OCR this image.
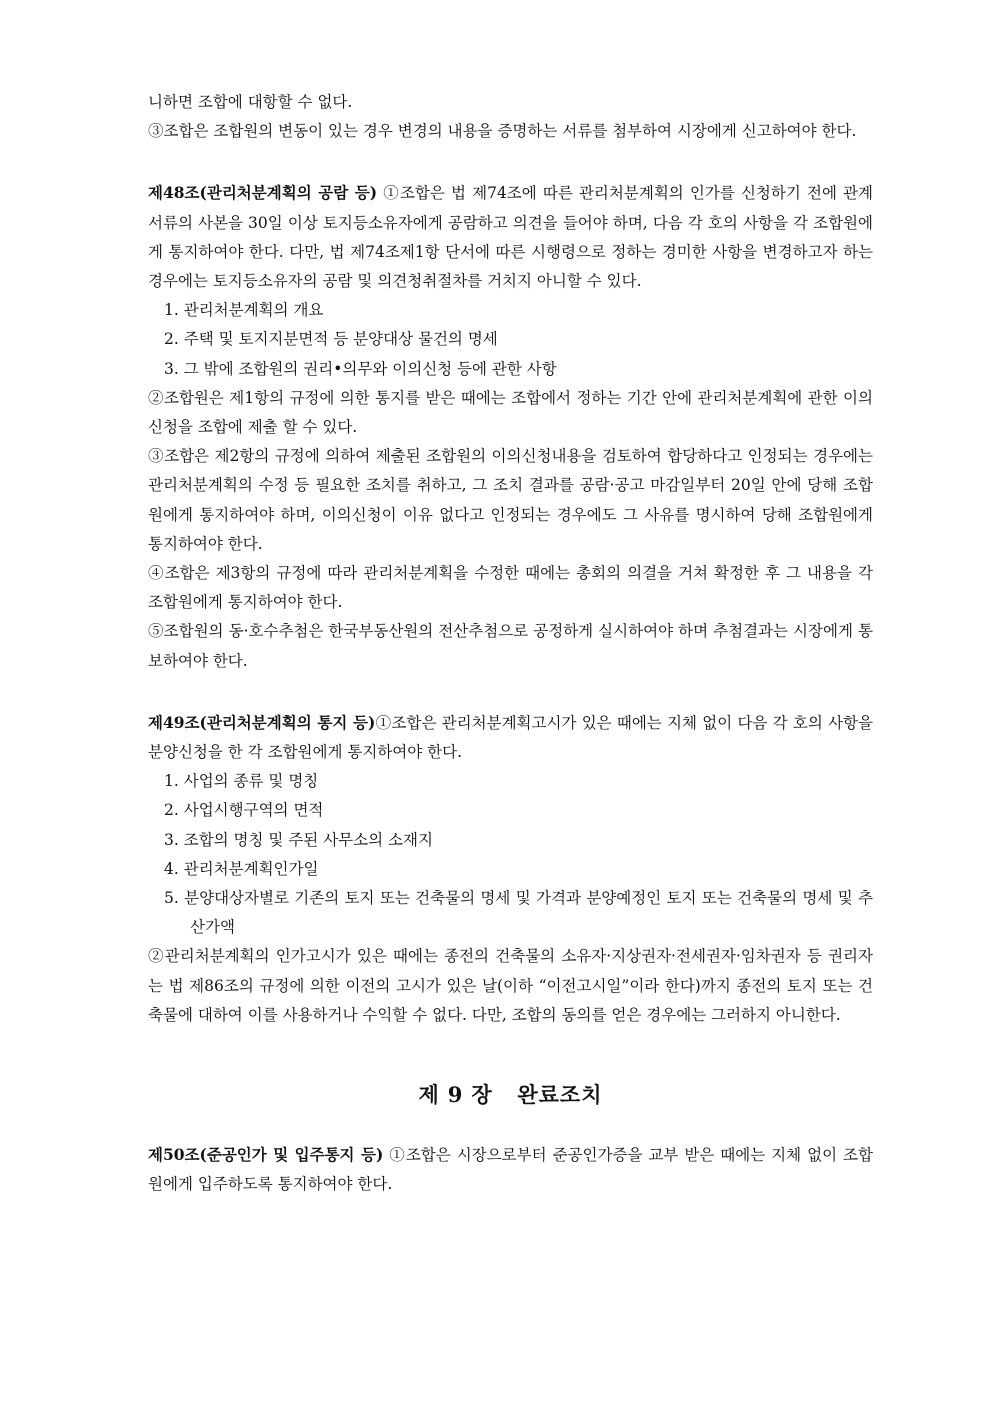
니하면 조합에 대항할 수 없다.

③조합은 조합원의 변동이 있는 경우 변경의 내용을 증명하는 서류를 첨부하여 시장에게 신고하여야 한다.

제48조(관리처분계획의 공람 등) ①조합은 법 제74조에 따른 관리처분계획의 인가를 신청하기 전에 관계서류의 사본을 30일 이상 토지등소유자에게 공람하고 의견을 들어야 하며, 다음 각 호의 사항을 각 조합원에게 통지하여야 한다. 다만, 법 제74조제1항 단서에 따른 시행령으로 정하는 경미한 사항을 변경하고자 하는 경우에는 토지등소유자의 공람 및 의견청취절차를 거치지 아니할 수 있다.

1. 관리처분계획의 개요

2. 주택 및 토지지분면적 등 분양대상 물건의 명세

3. 그 밖에 조합원의 권리•의무와 이의신청 등에 관한 사항

②조합원은 제1항의 규정에 의한 통지를 받은 때에는 조합에서 정하는 기간 안에 관리처분계획에 관한 이의신청을 조합에 제출 할 수 있다.

③조합은 제2항의 규정에 의하여 제출된 조합원의 이의신청내용을 검토하여 합당하다고 인정되는 경우에는 관리처분계획의 수정 등 필요한 조치를 취하고, 그 조치 결과를 공람·공고 마감일부터 20일 안에 당해 조합원에게 통지하여야 하며, 이의신청이 이유 없다고 인정되는 경우에도 그 사유를 명시하여 당해 조합원에게 통지하여야 한다.

④조합은 제3항의 규정에 따라 관리처분계획을 수정한 때에는 총회의 의결을 거쳐 확정한 후 그 내용을 각 조합원에게 통지하여야 한다.

⑤조합원의 동·호수추첨은 한국부동산원의 전산추첨으로 공정하게 실시하여야 하며 추첨결과는 시장에게 통보하여야 한다.

제49조(관리처분계획의 통지 등)①조합은 관리처분계획고시가 있은 때에는 지체 없이 다음 각 호의 사항을 분양신청을 한 각 조합원에게 통지하여야 한다.

1. 사업의 종류 및 명칭

2. 사업시행구역의 면적

3. 조합의 명칭 및 주된 사무소의 소재지

4. 관리처분계획인가일

5. 분양대상자별로 기존의 토지 또는 건축물의 명세 및 가격과 분양예정인 토지 또는 건축물의 명세 및 추산가액

②관리처분계획의 인가고시가 있은 때에는 종전의 건축물의 소유자·지상권자·전세권자·임차권자 등 권리자는 법 제86조의 규정에 의한 이전의 고시가 있은 날(이하 “이전고시일”이라 한다)까지 종전의 토지 또는 건축물에 대하여 이를 사용하거나 수익할 수 없다. 다만, 조합의 동의를 얻은 경우에는 그러하지 아니한다.

제 9 장 완료조치

제50조(준공인가 및 입주통지 등) ①조합은 시장으로부터 준공인가증을 교부 받은 때에는 지체 없이 조합원에게 입주하도록 통지하여야 한다.
